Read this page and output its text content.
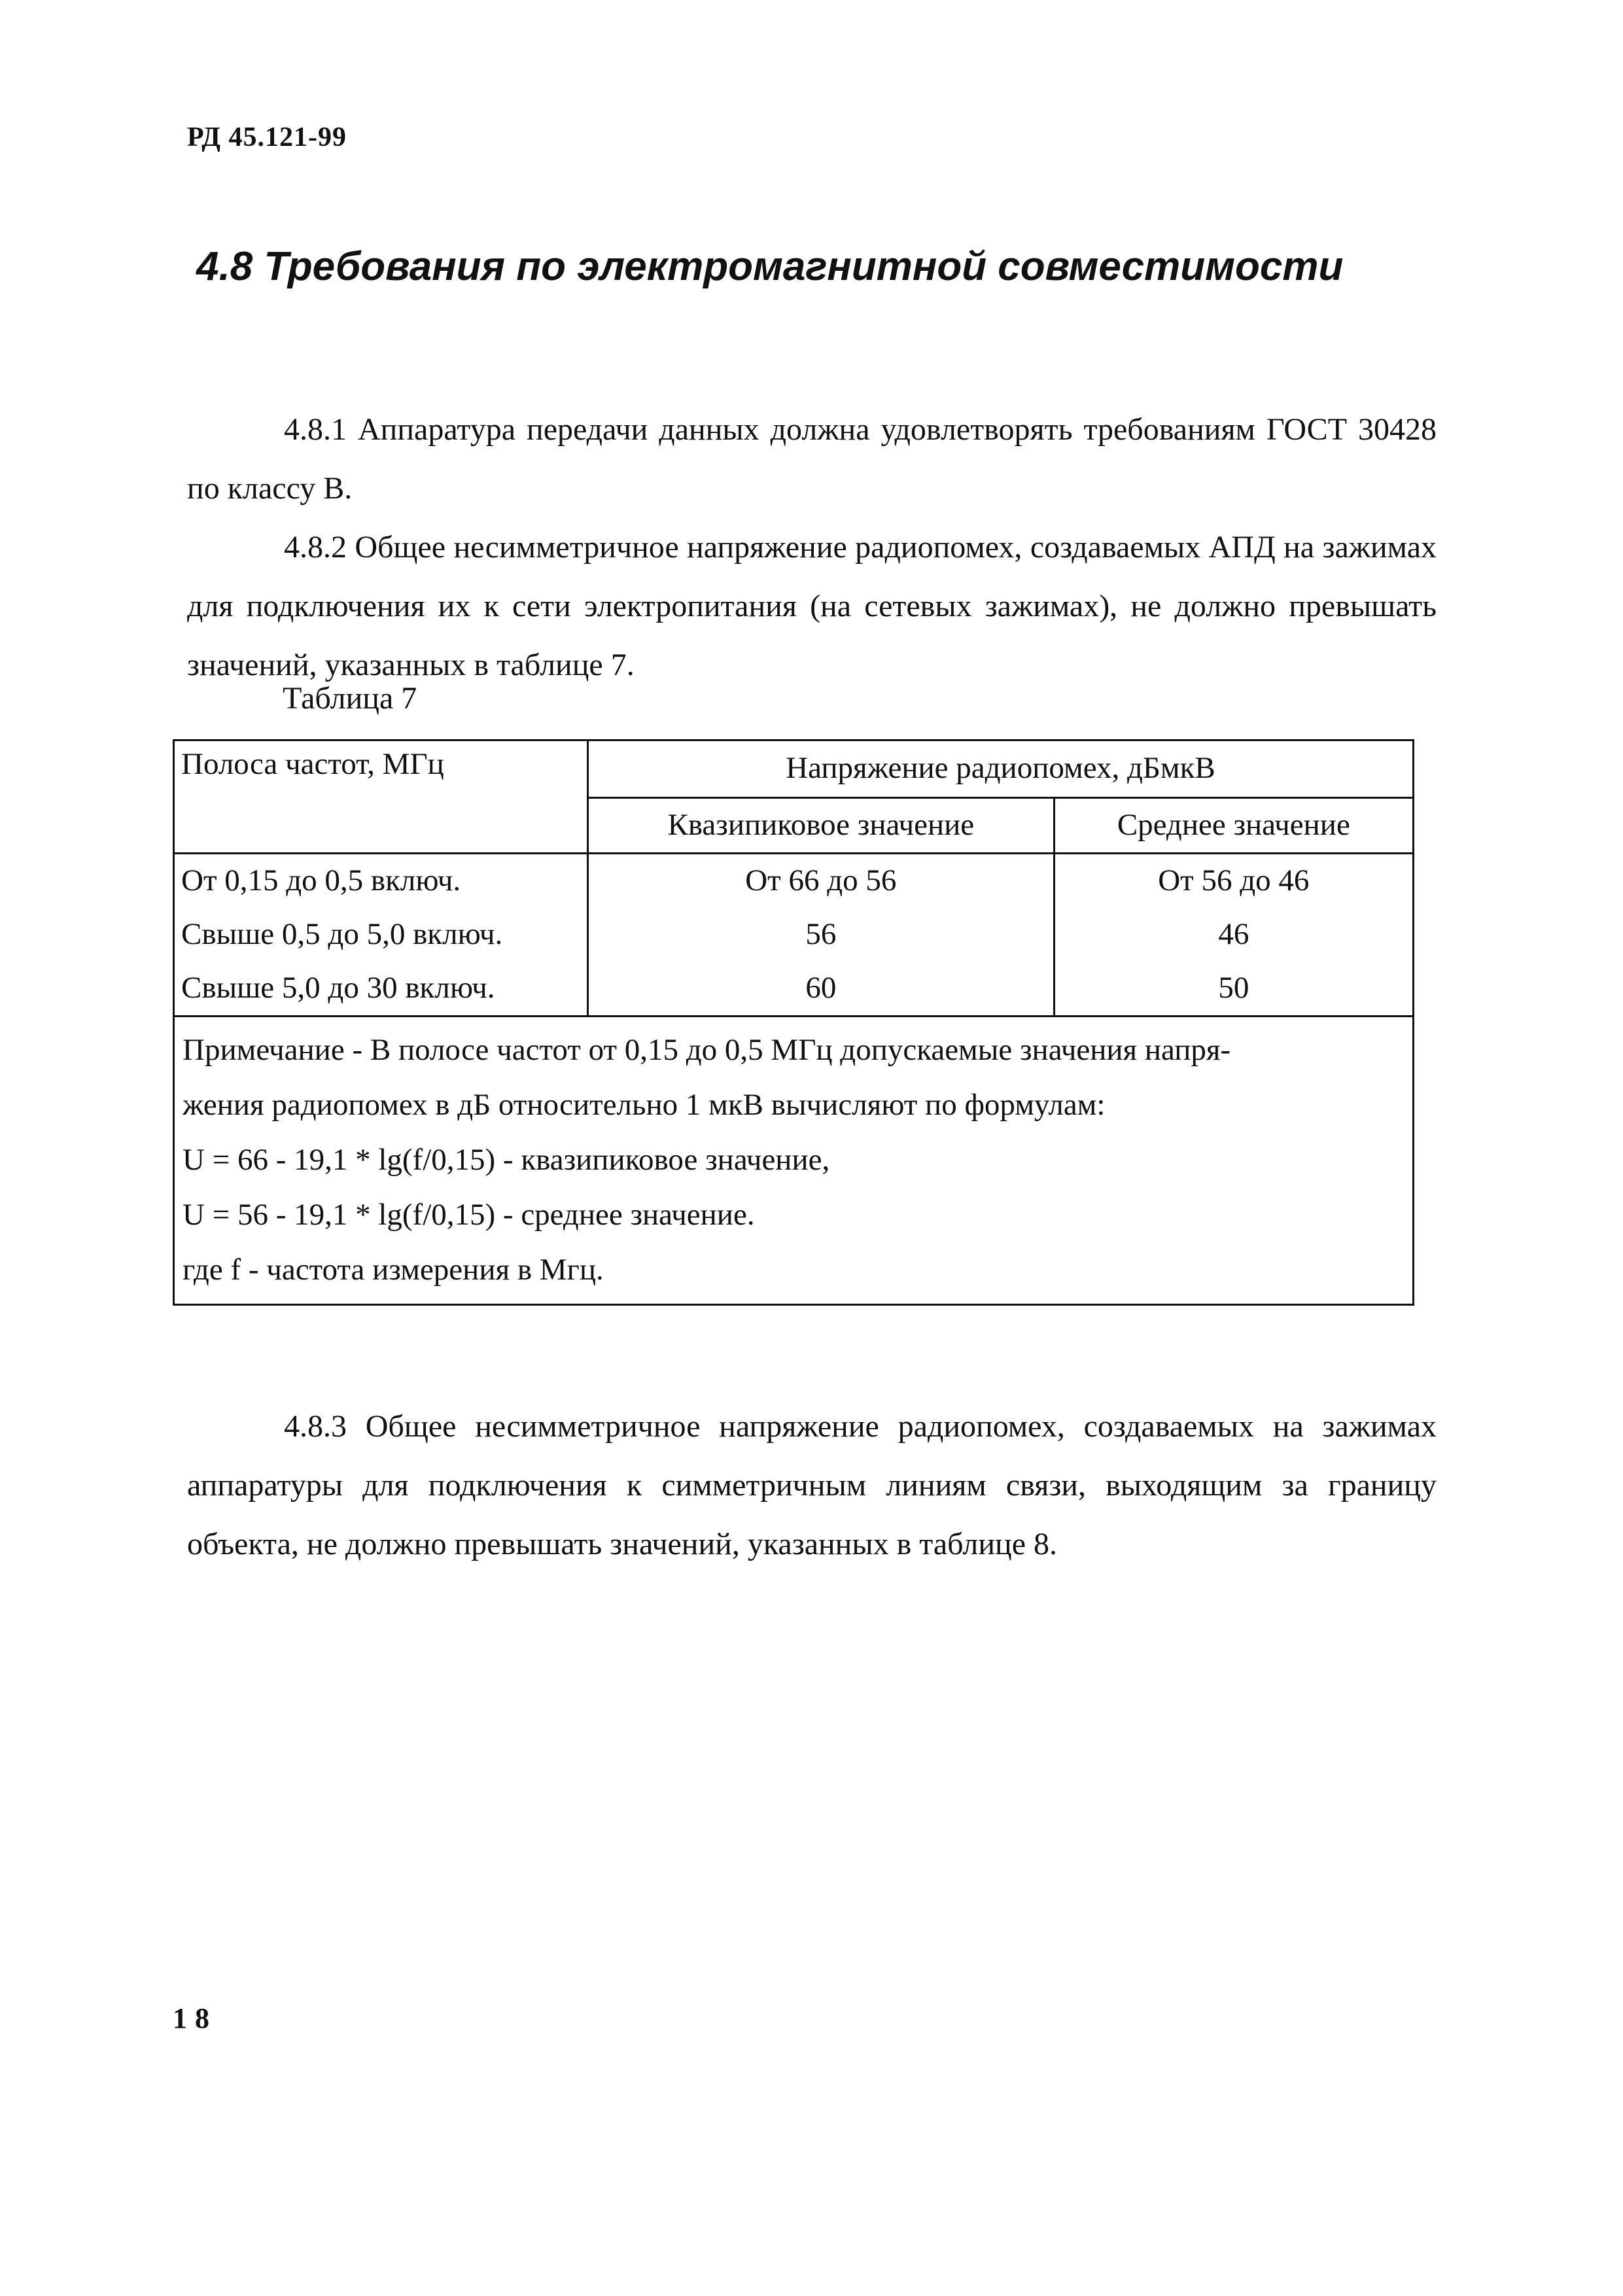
РД 45.121-99
4.8 Требования по электромагнитной совместимости
4.8.1 Аппаратура передачи данных должна удовлетворять требованиям ГОСТ 30428 по классу В.
4.8.2 Общее несимметричное напряжение радиопомех, создаваемых АПД на зажимах для подключения их к сети электропитания (на сетевых зажимах), не должно превышать значений, указанных в таблице 7.
Таблица 7
Полоса частот, МГц	Напряжение радиопомех, дБмкВ	
	Квазипиковое значение	Среднее значение
От 0,15 до 0,5 включ.	От 66 до 56	От 56 до 46
Свыше 0,5 до 5,0 включ.	56	46
Свыше 5,0 до 30 включ.	60	50

Примечание - В полосе частот от 0,15 до 0,5 МГц допускаемые значения напря-
жения радиопомех в дБ относительно 1 мкВ вычисляют по формулам:
U = 66 - 19,1 * lg(f/0,15) - квазипиковое значение,
U = 56 - 19,1 * lg(f/0,15) - среднее значение.
где f - частота измерения в Мгц.		
4.8.3 Общее несимметричное напряжение радиопомех, создаваемых на зажимах аппаратуры для подключения к симметричным линиям связи, выходящим за границу объекта, не должно превышать значений, указанных в таблице 8.
18
